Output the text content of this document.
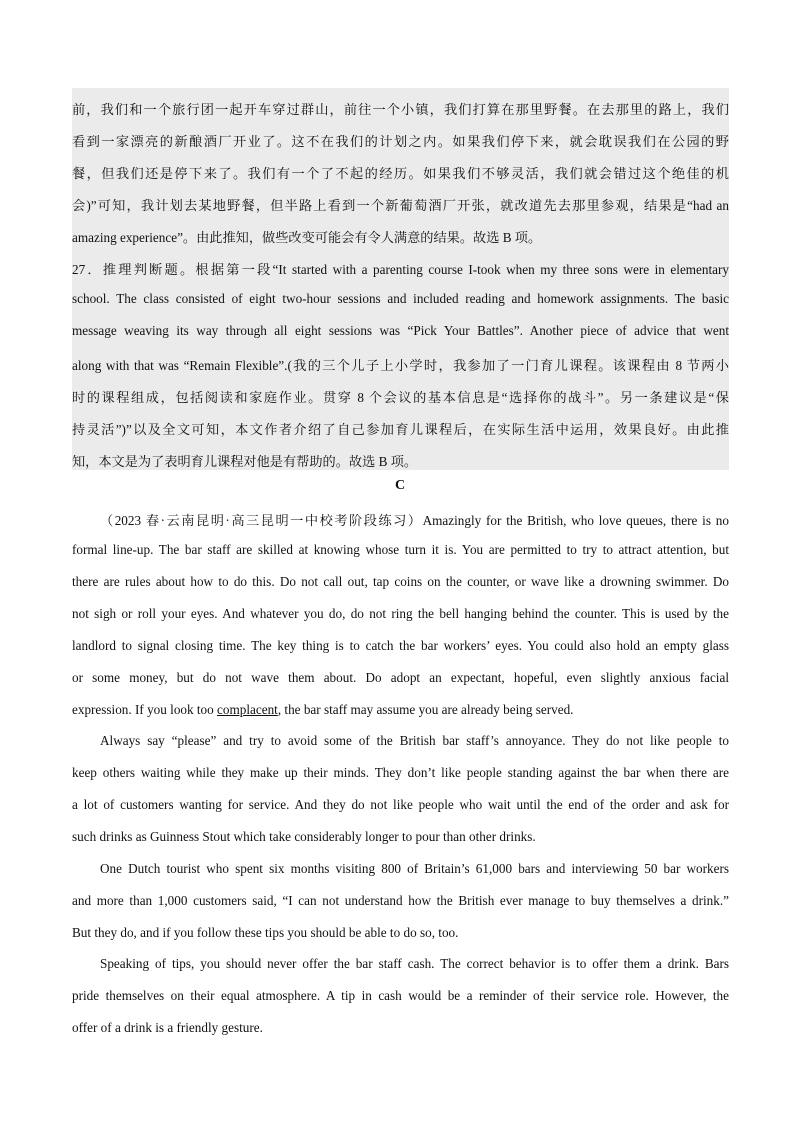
前，我们和一个旅行团一起开车穿过群山，前往一个小镇，我们打算在那里野餐。在去那里的路上，我们

看到一家漂亮的新酿酒厂开业了。这不在我们的计划之内。如果我们停下来，就会耽误我们在公园的野

餐，但我们还是停下来了。我们有一个了不起的经历。如果我们不够灵活，我们就会错过这个绝佳的机

会)”可知，我计划去某地野餐，但半路上看到一个新葡萄酒厂开张，就改道先去那里参观，结果是“had an

amazing experience”。由此推知，做些改变可能会有令人满意的结果。故选 B 项。

27．推理判断题。根据第一段“It started with a parenting course I-took when my three sons were in elementary

school. The class consisted of eight two-hour sessions and included reading and homework assignments. The basic

message weaving its way through all eight sessions was “Pick Your Battles”. Another piece of advice that went

along with that was “Remain Flexible”.(我的三个儿子上小学时，我参加了一门育儿课程。该课程由 8 节两小

时的课程组成，包括阅读和家庭作业。贯穿 8 个会议的基本信息是“选择你的战斗”。另一条建议是“保

持灵活”)”以及全文可知，本文作者介绍了自己参加育儿课程后，在实际生活中运用，效果良好。由此推

知，本文是为了表明育儿课程对他是有帮助的。故选 B 项。

C

（2023 春·云南昆明·高三昆明一中校考阶段练习）Amazingly for the British, who love queues, there is no

formal line-up. The bar staff are skilled at knowing whose turn it is. You are permitted to try to attract attention, but

there are rules about how to do this. Do not call out, tap coins on the counter, or wave like a drowning swimmer. Do

not sigh or roll your eyes. And whatever you do, do not ring the bell hanging behind the counter. This is used by the

landlord to signal closing time. The key thing is to catch the bar workers’ eyes. You could also hold an empty glass

or some money, but do not wave them about. Do adopt an expectant, hopeful, even slightly anxious facial

expression. If you look too complacent, the bar staff may assume you are already being served.

Always say “please” and try to avoid some of the British bar staff’s annoyance. They do not like people to

keep others waiting while they make up their minds. They don’t like people standing against the bar when there are

a lot of customers wanting for service. And they do not like people who wait until the end of the order and ask for

such drinks as Guinness Stout which take considerably longer to pour than other drinks.

One Dutch tourist who spent six months visiting 800 of Britain’s 61,000 bars and interviewing 50 bar workers

and more than 1,000 customers said, “I can not understand how the British ever manage to buy themselves a drink.”

But they do, and if you follow these tips you should be able to do so, too.

Speaking of tips, you should never offer the bar staff cash. The correct behavior is to offer them a drink. Bars

pride themselves on their equal atmosphere. A tip in cash would be a reminder of their service role. However, the

offer of a drink is a friendly gesture.
